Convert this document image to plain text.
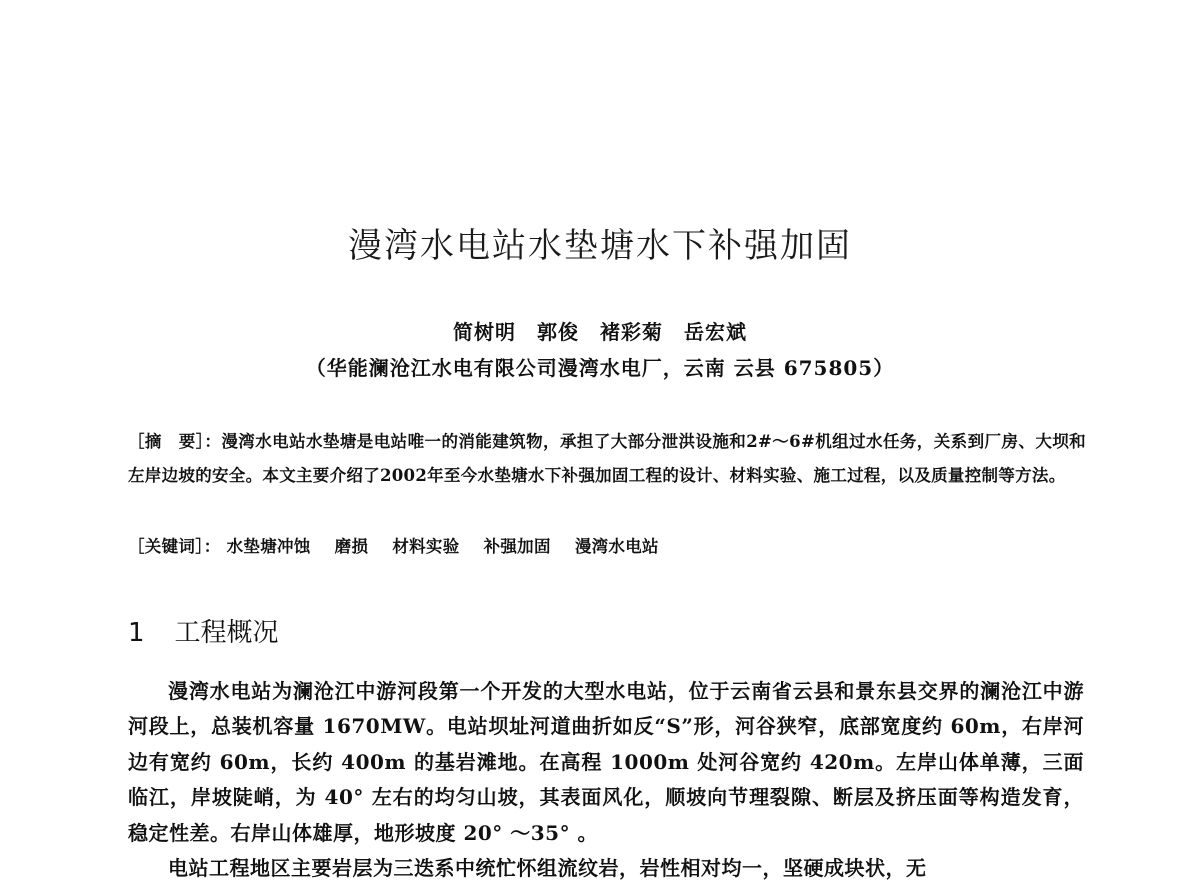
漫湾水电站水垫塘水下补强加固
简树明　郭俊　褚彩菊　岳宏斌
（华能澜沧江水电有限公司漫湾水电厂，云南 云县 675805）
［摘　要］：漫湾水电站水垫塘是电站唯一的消能建筑物，承担了大部分泄洪设施和2#～6#机组过水任务，关系到厂房、大坝和左岸边坡的安全。本文主要介绍了2002年至今水垫塘水下补强加固工程的设计、材料实验、施工过程，以及质量控制等方法。
［关键词］： 水垫塘冲蚀 磨损 材料实验 补强加固 漫湾水电站
1 工程概况

漫湾水电站为澜沧江中游河段第一个开发的大型水电站，位于云南省云县和景东县交界的澜沧江中游河段上，总装机容量 1670MW。电站坝址河道曲折如反“S”形，河谷狭窄，底部宽度约 60m，右岸河边有宽约 60m，长约 400m 的基岩滩地。在高程 1000m 处河谷宽约 420m。左岸山体单薄，三面临江，岸坡陡峭，为 40° 左右的均匀山坡，其表面风化，顺坡向节理裂隙、断层及挤压面等构造发育，稳定性差。右岸山体雄厚，地形坡度 20° ～35° 。

电站工程地区主要岩层为三迭系中统忙怀组流纹岩，岩性相对均一，坚硬成块状，无
